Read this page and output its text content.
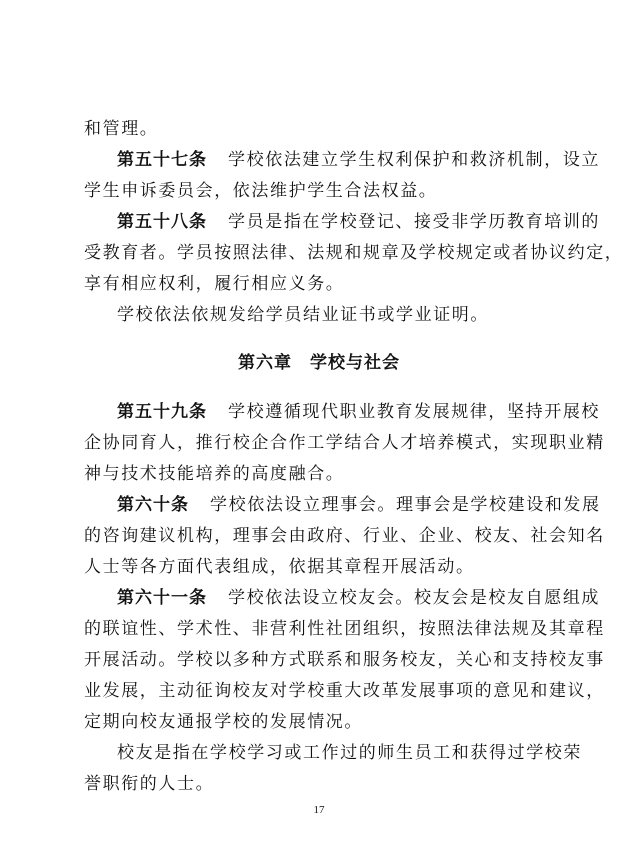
和管理。
第五十七条 学校依法建立学生权利保护和救济机制，设立
学生申诉委员会，依法维护学生合法权益。
第五十八条 学员是指在学校登记、接受非学历教育培训的
受教育者。学员按照法律、法规和规章及学校规定或者协议约定，
享有相应权利，履行相应义务。
学校依法依规发给学员结业证书或学业证明。
第六章 学校与社会
第五十九条 学校遵循现代职业教育发展规律，坚持开展校
企协同育人，推行校企合作工学结合人才培养模式，实现职业精
神与技术技能培养的高度融合。
第六十条 学校依法设立理事会。理事会是学校建设和发展
的咨询建议机构，理事会由政府、行业、企业、校友、社会知名
人士等各方面代表组成，依据其章程开展活动。
第六十一条 学校依法设立校友会。校友会是校友自愿组成
的联谊性、学术性、非营利性社团组织，按照法律法规及其章程
开展活动。学校以多种方式联系和服务校友，关心和支持校友事
业发展，主动征询校友对学校重大改革发展事项的意见和建议，
定期向校友通报学校的发展情况。
校友是指在学校学习或工作过的师生员工和获得过学校荣
誉职衔的人士。
17
